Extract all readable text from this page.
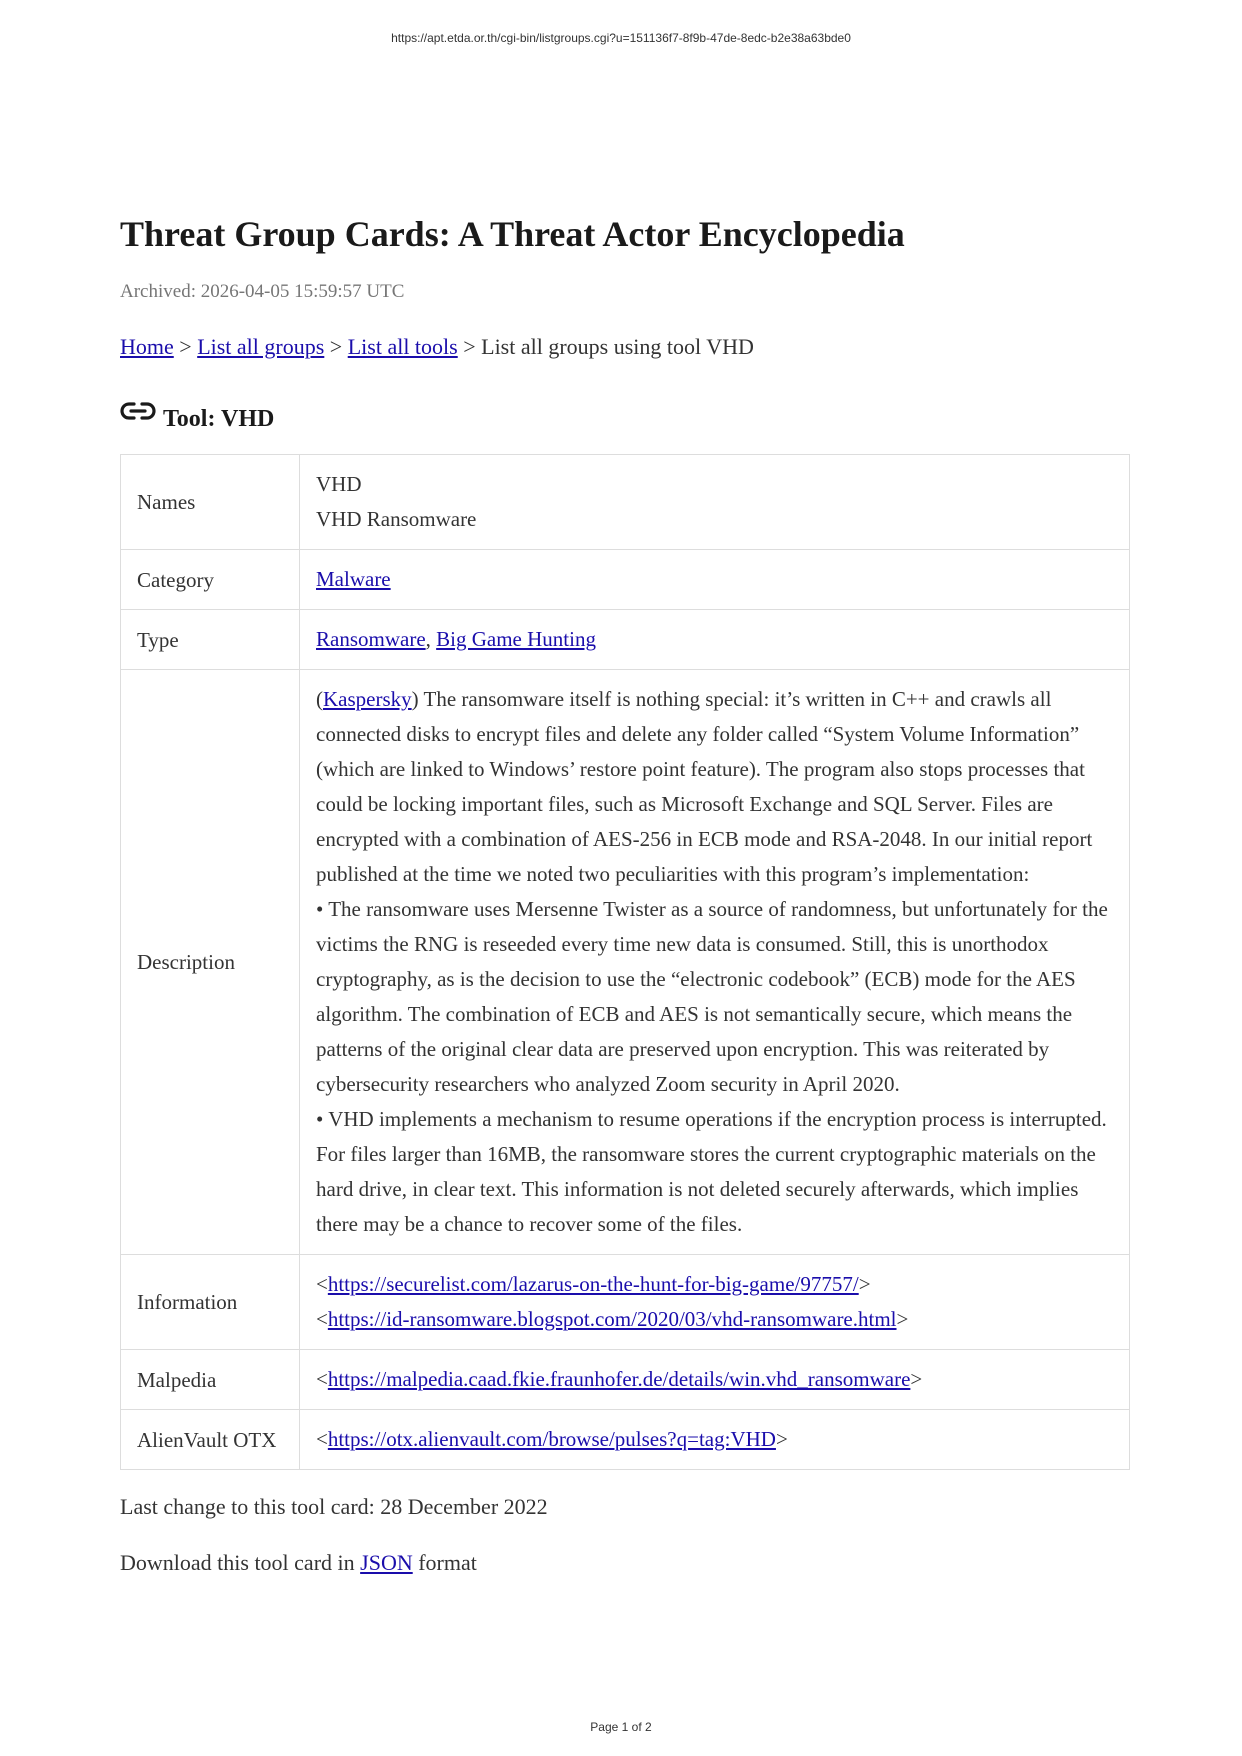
https://apt.etda.or.th/cgi-bin/listgroups.cgi?u=151136f7-8f9b-47de-8edc-b2e38a63bde0
Threat Group Cards: A Threat Actor Encyclopedia
Archived: 2026-04-05 15:59:57 UTC
Home > List all groups > List all tools > List all groups using tool VHD
Tool: VHD
Names	VHD
VHD Ransomware

Category	Malware
Type	Ransomware, Big Game Hunting
Description	(Kaspersky) The ransomware itself is nothing special: it’s written in C++ and crawls all connected disks to encrypt files and delete any folder called “System Volume Information” (which are linked to Windows’ restore point feature). The program also stops processes that could be locking important files, such as Microsoft Exchange and SQL Server. Files are encrypted with a combination of AES-256 in ECB mode and RSA-2048. In our initial report published at the time we noted two peculiarities with this program’s implementation:
• The ransomware uses Mersenne Twister as a source of randomness, but unfortunately for the victims the RNG is reseeded every time new data is consumed. Still, this is unorthodox cryptography, as is the decision to use the “electronic codebook” (ECB) mode for the AES algorithm. The combination of ECB and AES is not semantically secure, which means the patterns of the original clear data are preserved upon encryption. This was reiterated by cybersecurity researchers who analyzed Zoom security in April 2020.
• VHD implements a mechanism to resume operations if the encryption process is interrupted. For files larger than 16MB, the ransomware stores the current cryptographic materials on the hard drive, in clear text. This information is not deleted securely afterwards, which implies there may be a chance to recover some of the files.

Information	<https://securelist.com/lazarus-on-the-hunt-for-big-game/97757/>
<https://id-ransomware.blogspot.com/2020/03/vhd-ransomware.html>

Malpedia	<https://malpedia.caad.fkie.fraunhofer.de/details/win.vhd_ransomware>
AlienVault OTX	<https://otx.alienvault.com/browse/pulses?q=tag:VHD>
Last change to this tool card: 28 December 2022
Download this tool card in JSON format
Page 1 of 2
